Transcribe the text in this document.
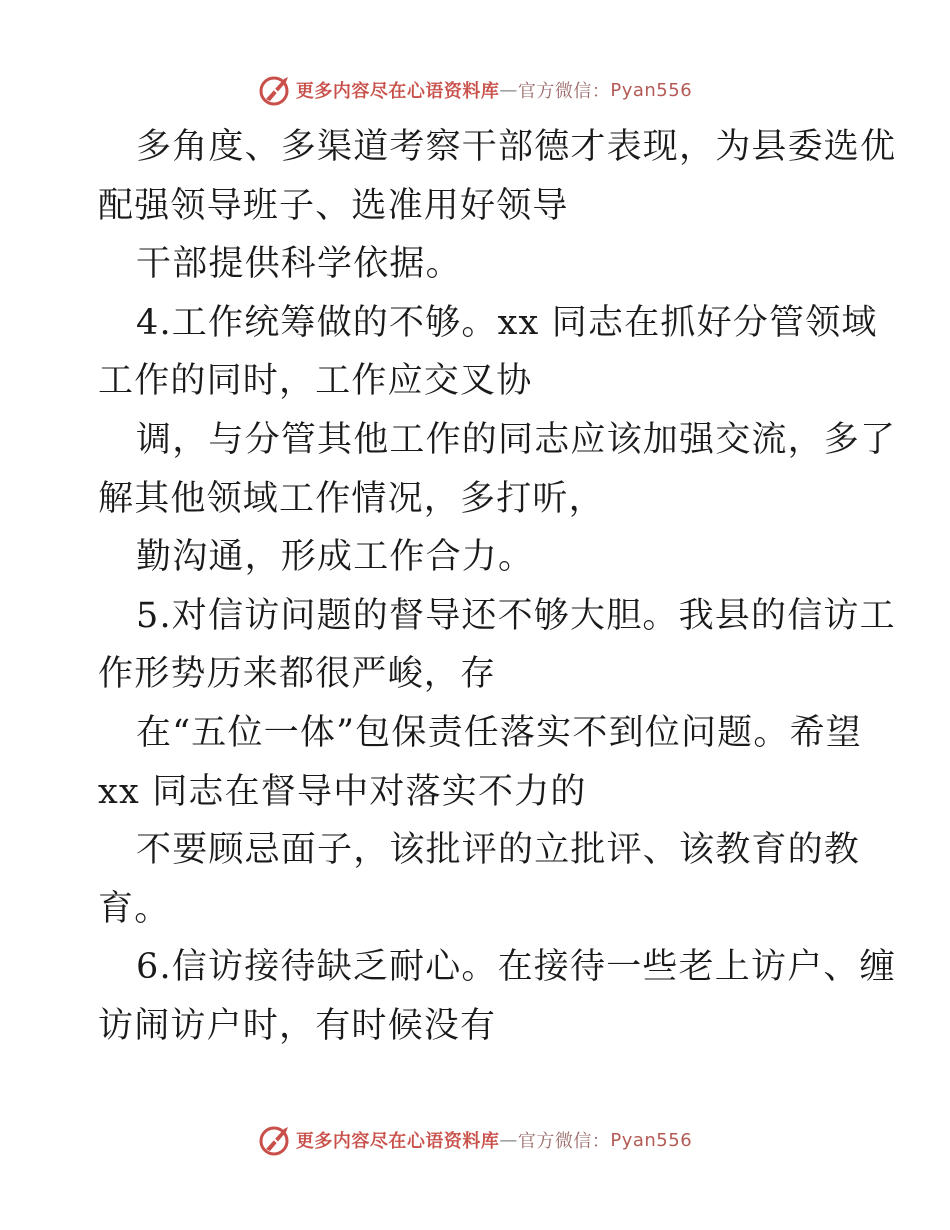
更多内容尽在心语资料库 — 官方微信： Pyan556
多角度、多渠道考察干部德才表现，为县委选优
配强领导班子、选准用好领导
干部提供科学依据。
4.工作统筹做的不够。xx 同志在抓好分管领域
工作的同时，工作应交叉协
调，与分管其他工作的同志应该加强交流，多了
解其他领域工作情况，多打听，
勤沟通，形成工作合力。
5.对信访问题的督导还不够大胆。我县的信访工
作形势历来都很严峻，存
在“五位一体”包保责任落实不到位问题。希望
xx 同志在督导中对落实不力的
不要顾忌面子，该批评的立批评、该教育的教
育。
6.信访接待缺乏耐心。在接待一些老上访户、缠
访闹访户时，有时候没有
更多内容尽在心语资料库 — 官方微信： Pyan556
